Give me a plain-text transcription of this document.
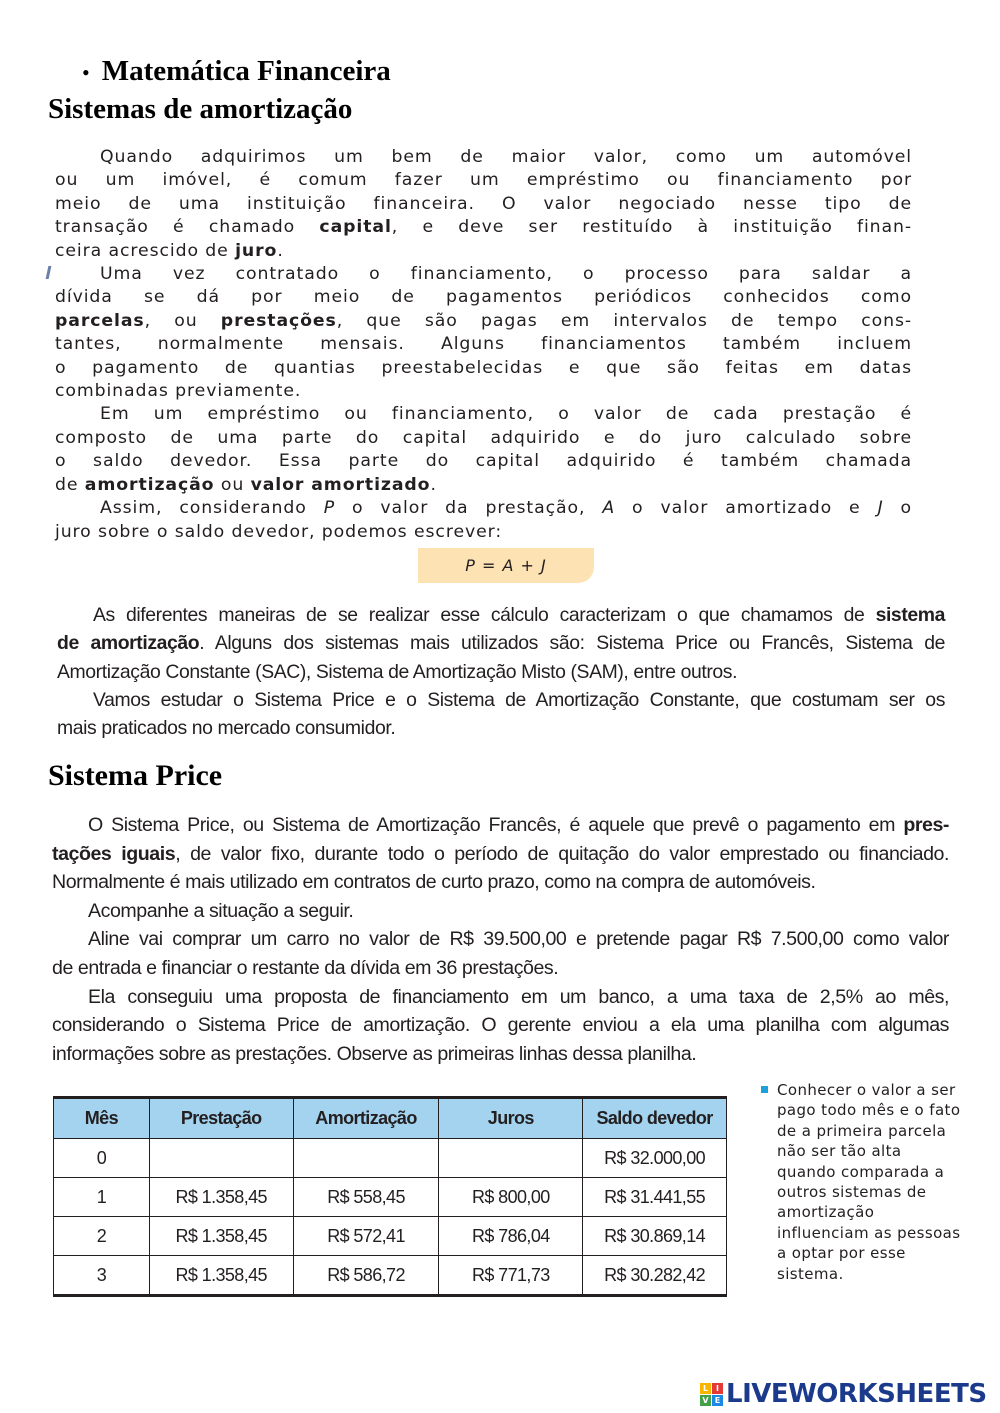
• Matemática Financeira
Sistemas de amortização
Quando adquirimos um bem de maior valor, como um automóvel
ou um imóvel, é comum fazer um empréstimo ou financiamento por
meio de uma instituição financeira. O valor negociado nesse tipo de
transação é chamado capital, e deve ser restituído à instituição finan-
ceira acrescido de juro.
Uma vez contratado o financiamento, o processo para saldar a
dívida se dá por meio de pagamentos periódicos conhecidos como
parcelas, ou prestações, que são pagas em intervalos de tempo cons-
tantes, normalmente mensais. Alguns financiamentos também incluem
o pagamento de quantias preestabelecidas e que são feitas em datas
combinadas previamente.
Em um empréstimo ou financiamento, o valor de cada prestação é
composto de uma parte do capital adquirido e do juro calculado sobre
o saldo devedor. Essa parte do capital adquirido é também chamada
de amortização ou valor amortizado.
Assim, considerando P o valor da prestação, A o valor amortizado e J o
juro sobre o saldo devedor, podemos escrever:
P = A + J
As diferentes maneiras de se realizar esse cálculo caracterizam o que chamamos de sistema
de amortização. Alguns dos sistemas mais utilizados são: Sistema Price ou Francês, Sistema de
Amortização Constante (SAC), Sistema de Amortização Misto (SAM), entre outros.
Vamos estudar o Sistema Price e o Sistema de Amortização Constante, que costumam ser os
mais praticados no mercado consumidor.
Sistema Price
O Sistema Price, ou Sistema de Amortização Francês, é aquele que prevê o pagamento em pres-
tações iguais, de valor fixo, durante todo o período de quitação do valor emprestado ou financiado.
Normalmente é mais utilizado em contratos de curto prazo, como na compra de automóveis.
Acompanhe a situação a seguir.
Aline vai comprar um carro no valor de R$ 39.500,00 e pretende pagar R$ 7.500,00 como valor
de entrada e financiar o restante da dívida em 36 prestações.
Ela conseguiu uma proposta de financiamento em um banco, a uma taxa de 2,5% ao mês,
considerando o Sistema Price de amortização. O gerente enviou a ela uma planilha com algumas
informações sobre as prestações. Observe as primeiras linhas dessa planilha.
Mês	Prestação	Amortização	Juros	Saldo devedor
0				R$ 32.000,00
1	R$ 1.358,45	R$ 558,45	R$ 800,00	R$ 31.441,55
2	R$ 1.358,45	R$ 572,41	R$ 786,04	R$ 30.869,14
3	R$ 1.358,45	R$ 586,72	R$ 771,73	R$ 30.282,42
Conhecer o valor a ser pago todo mês e o fato de a primeira parcela não ser tão alta quando comparada a outros sistemas de amortização influenciam as pessoas a optar por esse sistema.
L I
V E LIVEWORKSHEETS
